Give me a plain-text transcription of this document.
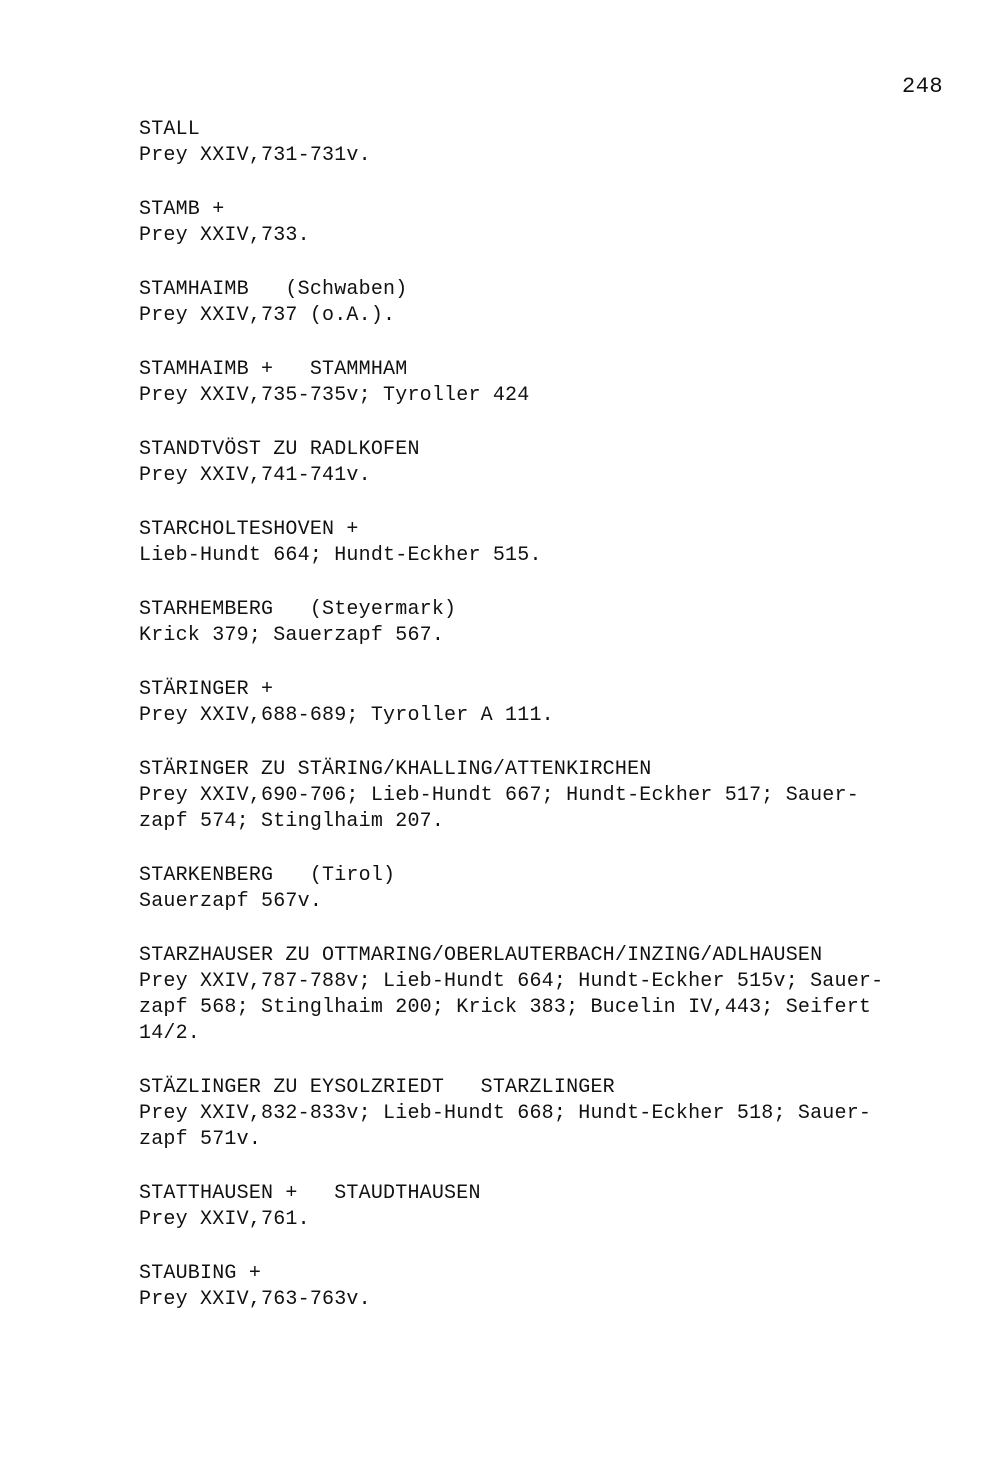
248
STALL
Prey XXIV,731-731v.
STAMB +
Prey XXIV,733.
STAMHAIMB   (Schwaben)
Prey XXIV,737 (o.A.).
STAMHAIMB +   STAMMHAM
Prey XXIV,735-735v; Tyroller 424
STANDTVÖST ZU RADLKOFEN
Prey XXIV,741-741v.
STARCHOLTESHOVEN +
Lieb-Hundt 664; Hundt-Eckher 515.
STARHEMBERG   (Steyermark)
Krick 379; Sauerzapf 567.
STÄRINGER +
Prey XXIV,688-689; Tyroller A 111.
STÄRINGER ZU STÄRING/KHALLING/ATTENKIRCHEN
Prey XXIV,690-706; Lieb-Hundt 667; Hundt-Eckher 517; Sauer-
zapf 574; Stinglhaim 207.
STARKENBERG   (Tirol)
Sauerzapf 567v.
STARZHAUSER ZU OTTMARING/OBERLAUTERBACH/INZING/ADLHAUSEN
Prey XXIV,787-788v; Lieb-Hundt 664; Hundt-Eckher 515v; Sauer-
zapf 568; Stinglhaim 200; Krick 383; Bucelin IV,443; Seifert
14/2.
STÄZLINGER ZU EYSOLZRIEDT   STARZLINGER
Prey XXIV,832-833v; Lieb-Hundt 668; Hundt-Eckher 518; Sauer-
zapf 571v.
STATTHAUSEN +   STAUDTHAUSEN
Prey XXIV,761.
STAUBING +
Prey XXIV,763-763v.
